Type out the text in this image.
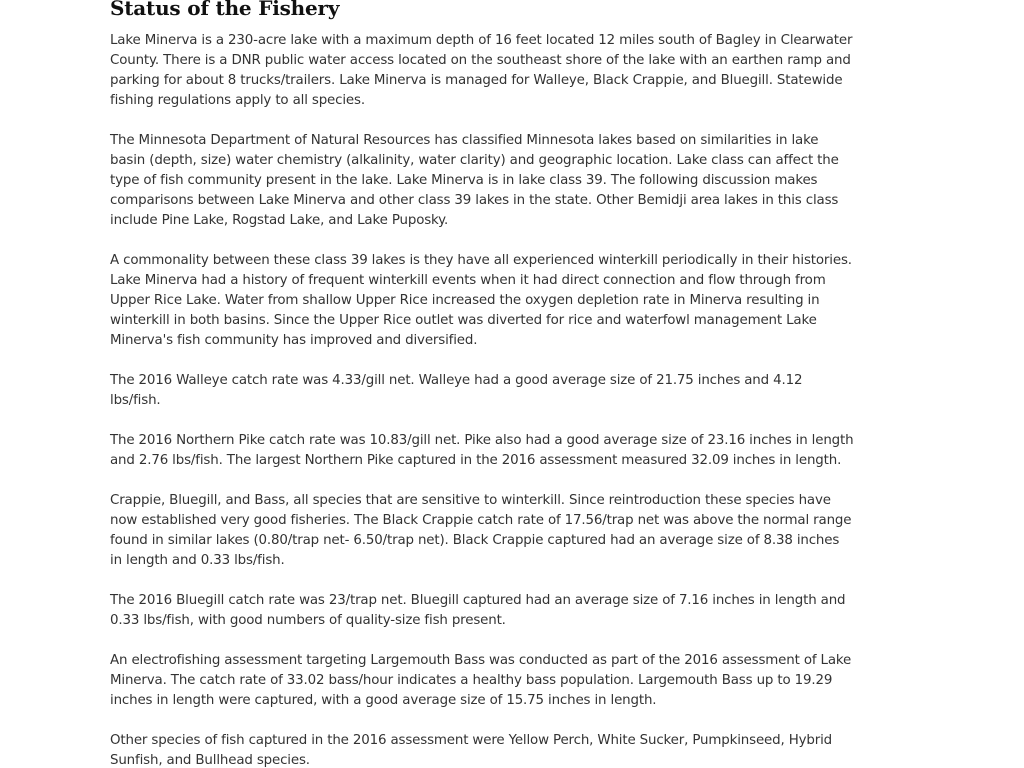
Status of the Fishery

Lake Minerva is a 230-acre lake with a maximum depth of 16 feet located 12 miles south of Bagley in Clearwater County. There is a DNR public water access located on the southeast shore of the lake with an earthen ramp and parking for about 8 trucks/trailers. Lake Minerva is managed for Walleye, Black Crappie, and Bluegill. Statewide fishing regulations apply to all species.

The Minnesota Department of Natural Resources has classified Minnesota lakes based on similarities in lake basin (depth, size) water chemistry (alkalinity, water clarity) and geographic location. Lake class can affect the type of fish community present in the lake. Lake Minerva is in lake class 39. The following discussion makes comparisons between Lake Minerva and other class 39 lakes in the state. Other Bemidji area lakes in this class include Pine Lake, Rogstad Lake, and Lake Puposky.

A commonality between these class 39 lakes is they have all experienced winterkill periodically in their histories. Lake Minerva had a history of frequent winterkill events when it had direct connection and flow through from Upper Rice Lake. Water from shallow Upper Rice increased the oxygen depletion rate in Minerva resulting in winterkill in both basins. Since the Upper Rice outlet was diverted for rice and waterfowl management Lake Minerva's fish community has improved and diversified.

The 2016 Walleye catch rate was 4.33/gill net. Walleye had a good average size of 21.75 inches and 4.12 lbs/fish.

The 2016 Northern Pike catch rate was 10.83/gill net. Pike also had a good average size of 23.16 inches in length and 2.76 lbs/fish. The largest Northern Pike captured in the 2016 assessment measured 32.09 inches in length.

Crappie, Bluegill, and Bass, all species that are sensitive to winterkill. Since reintroduction these species have now established very good fisheries. The Black Crappie catch rate of 17.56/trap net was above the normal range found in similar lakes (0.80/trap net- 6.50/trap net). Black Crappie captured had an average size of 8.38 inches in length and 0.33 lbs/fish.

The 2016 Bluegill catch rate was 23/trap net. Bluegill captured had an average size of 7.16 inches in length and 0.33 lbs/fish, with good numbers of quality-size fish present.

An electrofishing assessment targeting Largemouth Bass was conducted as part of the 2016 assessment of Lake Minerva. The catch rate of 33.02 bass/hour indicates a healthy bass population. Largemouth Bass up to 19.29 inches in length were captured, with a good average size of 15.75 inches in length.

Other species of fish captured in the 2016 assessment were Yellow Perch, White Sucker, Pumpkinseed, Hybrid Sunfish, and Bullhead species.
